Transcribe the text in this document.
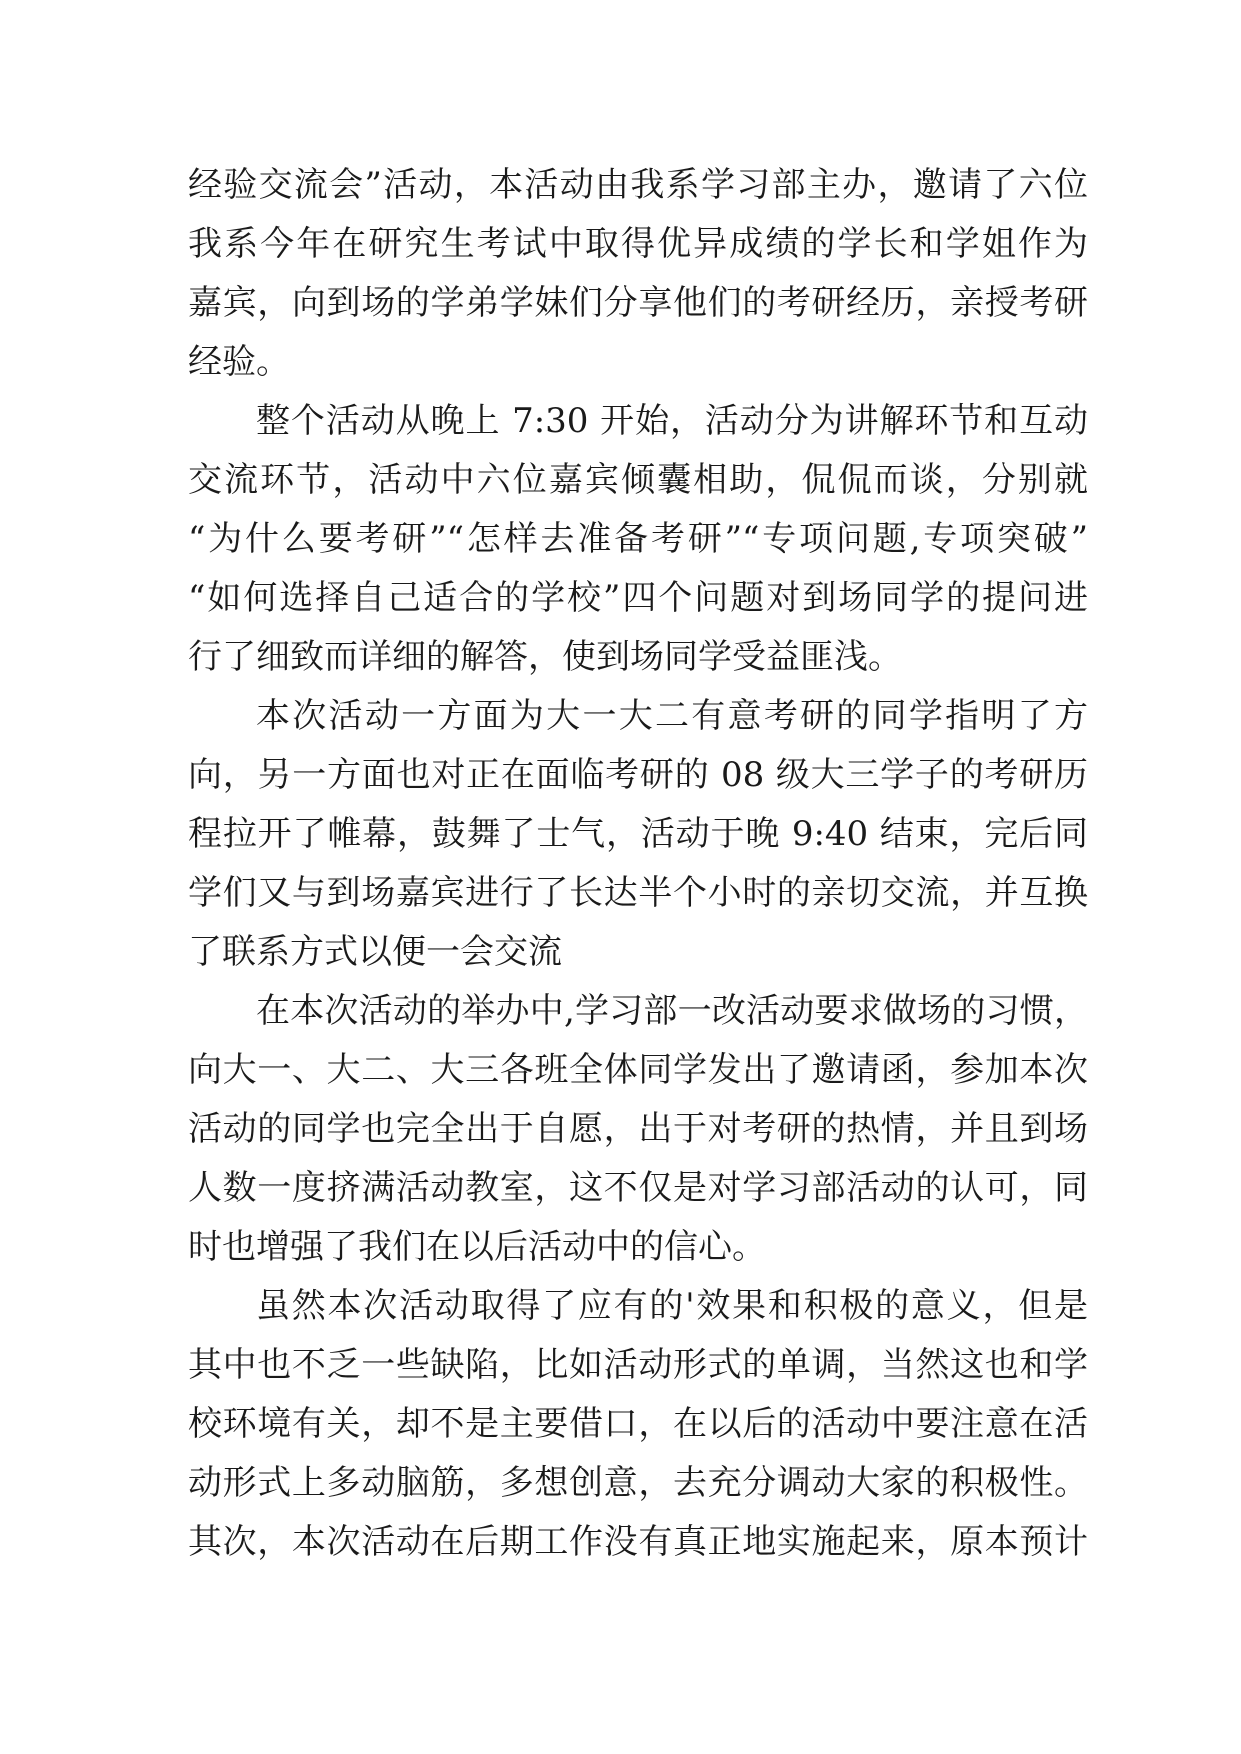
经验交流会”活动，本活动由我系学习部主办，邀请了六位
我系今年在研究生考试中取得优异成绩的学长和学姐作为
嘉宾，向到场的学弟学妹们分享他们的考研经历，亲授考研
经验。
整个活动从晚上 7:30 开始，活动分为讲解环节和互动
交流环节，活动中六位嘉宾倾囊相助，侃侃而谈，分别就
“为什么要考研”“怎样去准备考研”“专项问题,专项突破”
“如何选择自己适合的学校”四个问题对到场同学的提问进
行了细致而详细的解答，使到场同学受益匪浅。
本次活动一方面为大一大二有意考研的同学指明了方
向，另一方面也对正在面临考研的 08 级大三学子的考研历
程拉开了帷幕，鼓舞了士气，活动于晚 9:40 结束，完后同
学们又与到场嘉宾进行了长达半个小时的亲切交流，并互换
了联系方式以便一会交流
在本次活动的举办中,学习部一改活动要求做场的习惯，
向大一、大二、大三各班全体同学发出了邀请函，参加本次
活动的同学也完全出于自愿，出于对考研的热情，并且到场
人数一度挤满活动教室，这不仅是对学习部活动的认可，同
时也增强了我们在以后活动中的信心。
虽然本次活动取得了应有的'效果和积极的意义，但是
其中也不乏一些缺陷，比如活动形式的单调，当然这也和学
校环境有关，却不是主要借口，在以后的活动中要注意在活
动形式上多动脑筋，多想创意，去充分调动大家的积极性。
其次，本次活动在后期工作没有真正地实施起来，原本预计
